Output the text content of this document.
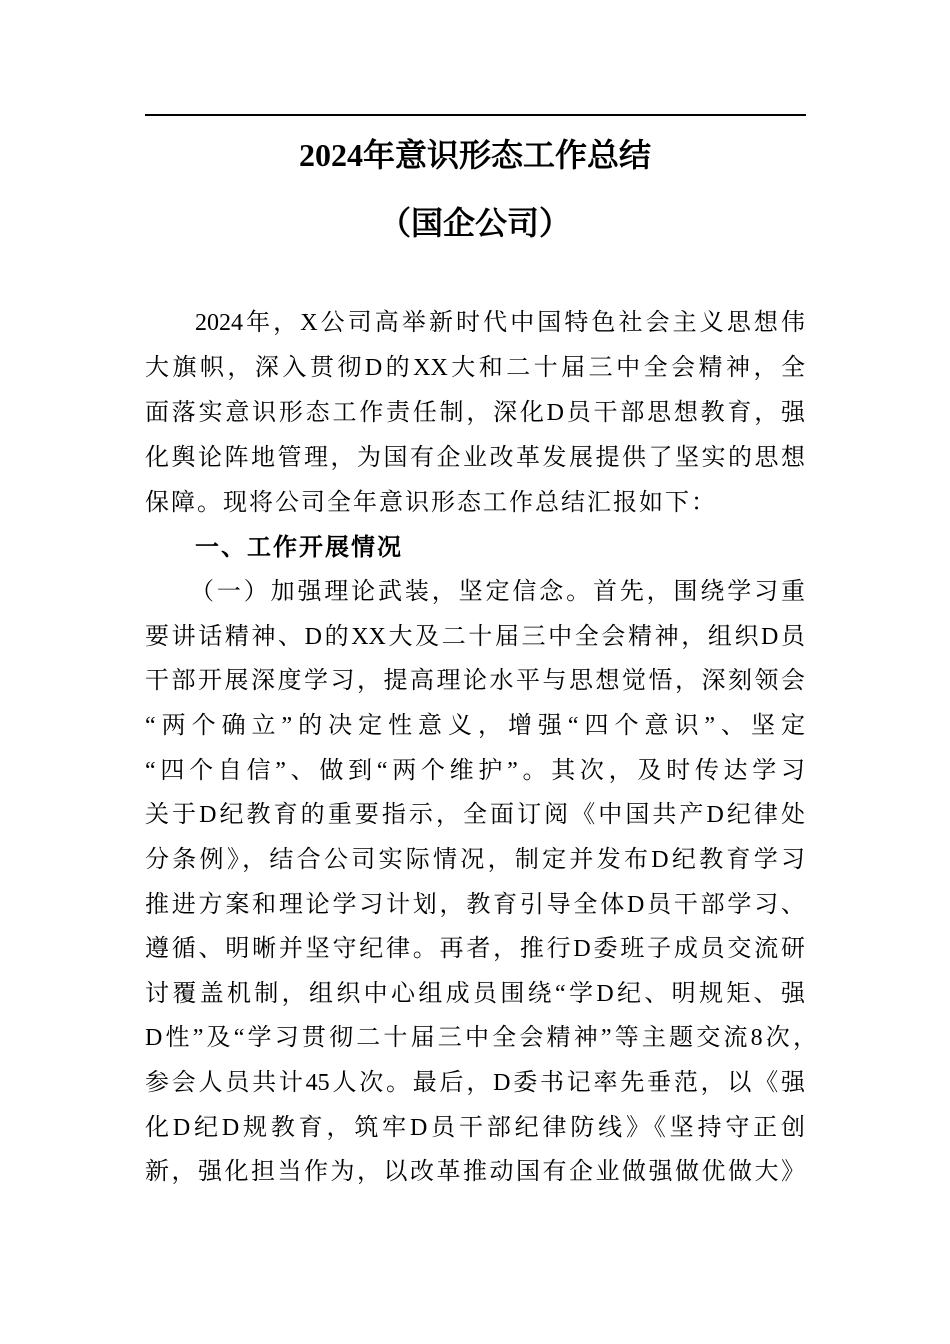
2024年意识形态工作总结
（国企公司）
2024年，X公司高举新时代中国特色社会主义思想伟
大旗帜，深入贯彻D的XX大和二十届三中全会精神，全
面落实意识形态工作责任制，深化D员干部思想教育，强
化舆论阵地管理，为国有企业改革发展提供了坚实的思想
保障。现将公司全年意识形态工作总结汇报如下：
一、工作开展情况
（一）加强理论武装，坚定信念。首先，围绕学习重
要讲话精神、D的XX大及二十届三中全会精神，组织D员
干部开展深度学习，提高理论水平与思想觉悟，深刻领会
“两个确立”的决定性意义，增强“四个意识”、坚定
“四个自信”、做到“两个维护”。其次，及时传达学习
关于D纪教育的重要指示，全面订阅《中国共产D纪律处
分条例》，结合公司实际情况，制定并发布D纪教育学习
推进方案和理论学习计划，教育引导全体D员干部学习、
遵循、明晰并坚守纪律。再者，推行D委班子成员交流研
讨覆盖机制，组织中心组成员围绕“学D纪、明规矩、强
D性”及“学习贯彻二十届三中全会精神”等主题交流8次，
参会人员共计45人次。最后，D委书记率先垂范，以《强
化D纪D规教育，筑牢D员干部纪律防线》《坚持守正创
新，强化担当作为，以改革推动国有企业做强做优做大》
